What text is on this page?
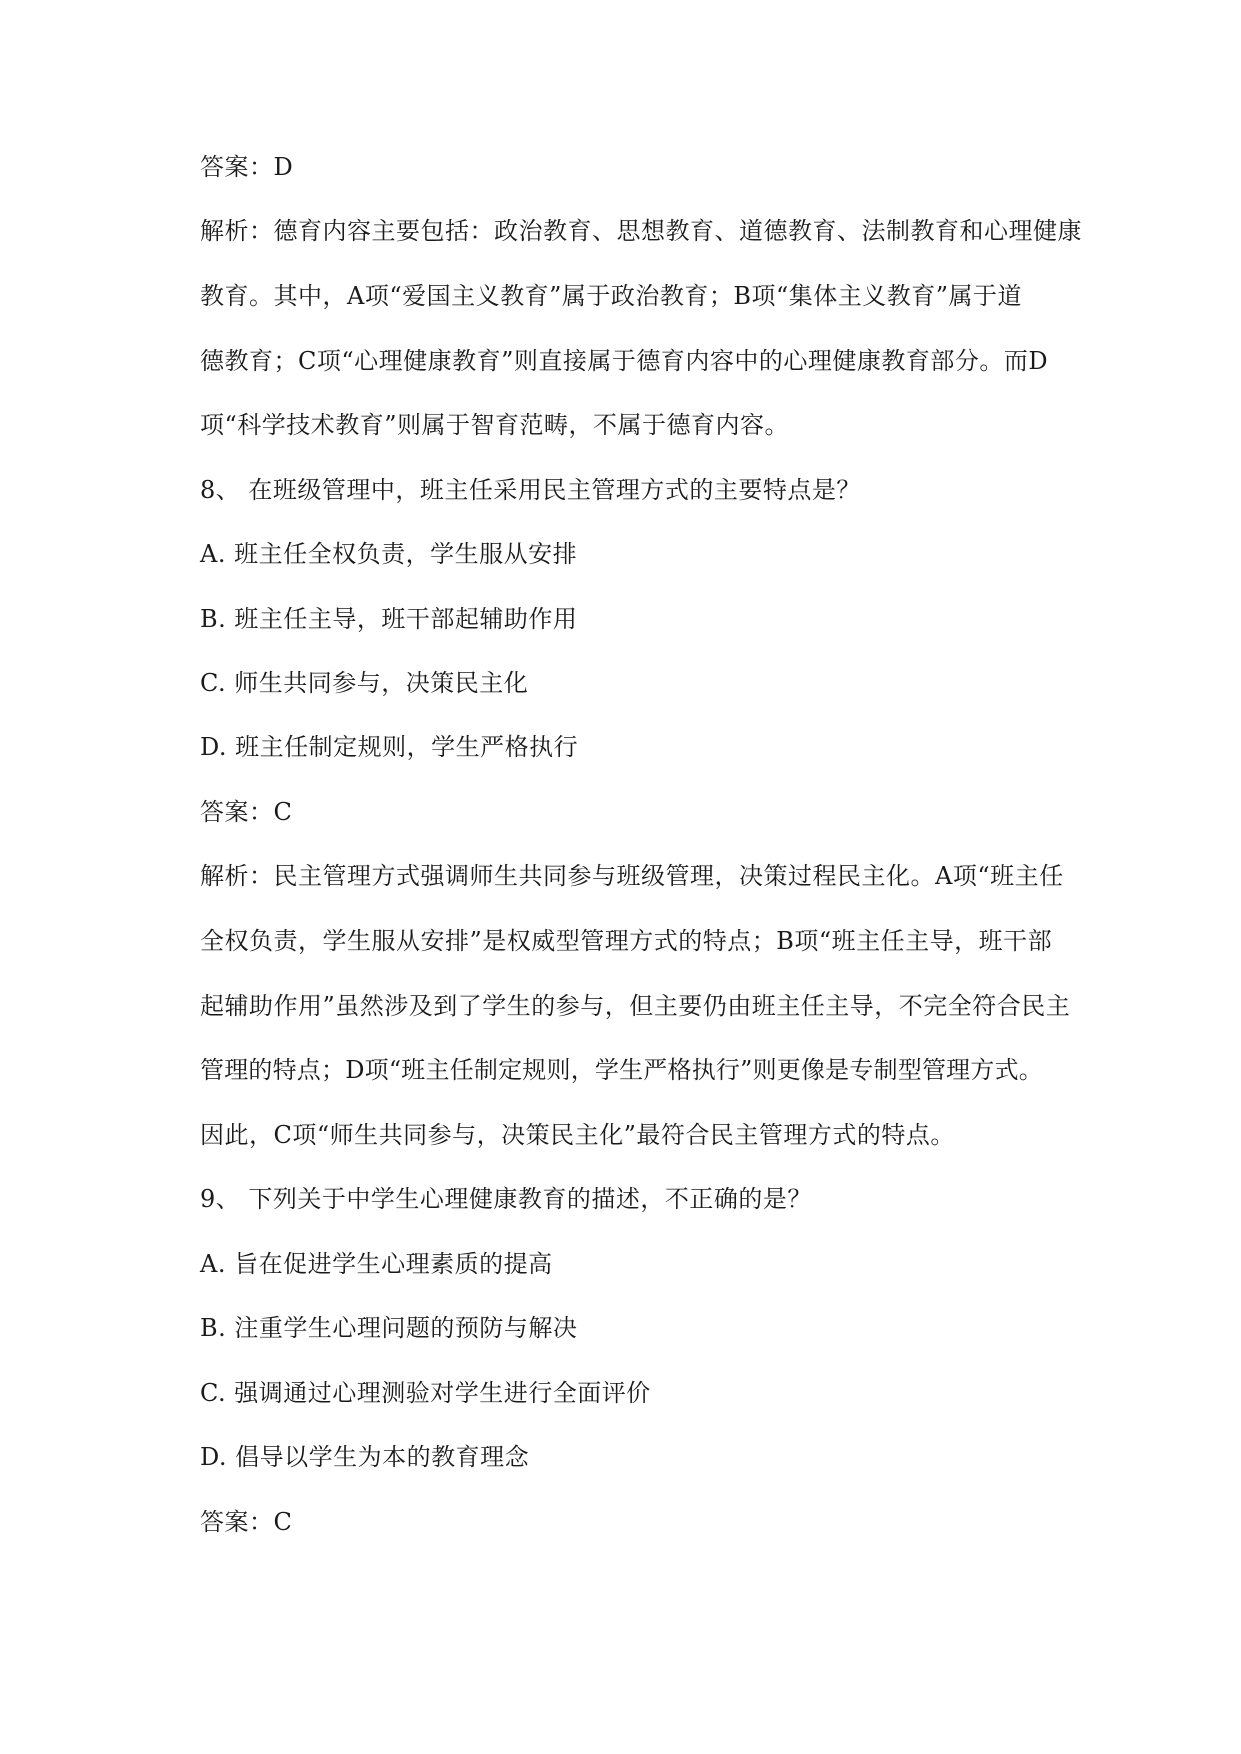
答案：D
解析：德育内容主要包括：政治教育、思想教育、道德教育、法制教育和心理健康
教育。其中，A项“爱国主义教育”属于政治教育；B项“集体主义教育”属于道
德教育；C项“心理健康教育”则直接属于德育内容中的心理健康教育部分。而D
项“科学技术教育”则属于智育范畴，不属于德育内容。
8、 在班级管理中，班主任采用民主管理方式的主要特点是？
A. 班主任全权负责，学生服从安排
B. 班主任主导，班干部起辅助作用
C. 师生共同参与，决策民主化
D. 班主任制定规则，学生严格执行
答案：C
解析：民主管理方式强调师生共同参与班级管理，决策过程民主化。A项“班主任
全权负责，学生服从安排”是权威型管理方式的特点；B项“班主任主导，班干部
起辅助作用”虽然涉及到了学生的参与，但主要仍由班主任主导，不完全符合民主
管理的特点；D项“班主任制定规则，学生严格执行”则更像是专制型管理方式。
因此，C项“师生共同参与，决策民主化”最符合民主管理方式的特点。
9、 下列关于中学生心理健康教育的描述，不正确的是？
A. 旨在促进学生心理素质的提高
B. 注重学生心理问题的预防与解决
C. 强调通过心理测验对学生进行全面评价
D. 倡导以学生为本的教育理念
答案：C
